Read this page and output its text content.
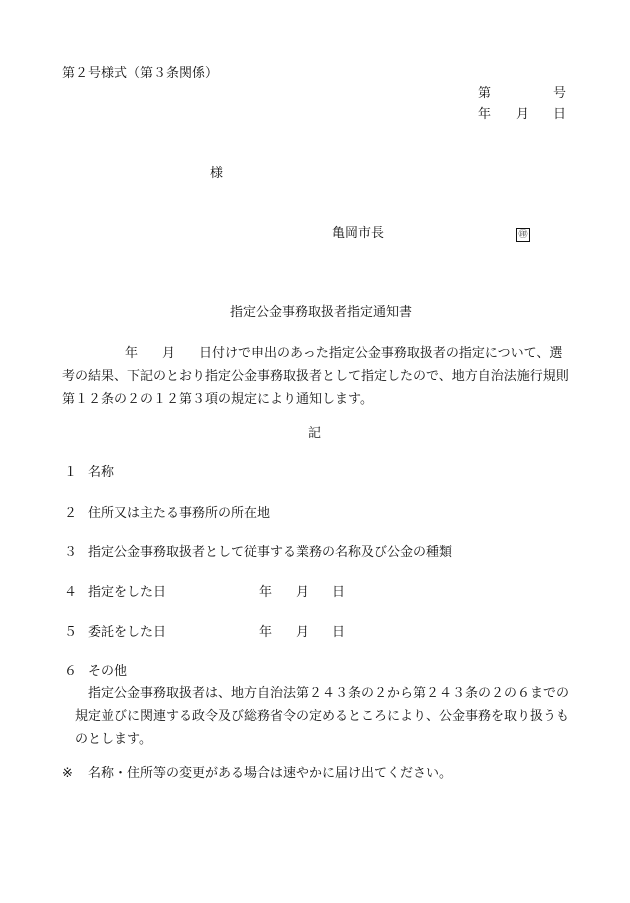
第２号様式（第３条関係）
第	号
年 月 日
様
亀岡市長	㊞
指定公金事務取扱者指定通知書
年 月	日付けで申出のあった指定公金事務取扱者の指定について、選考の結果、下記のとおり指定公金事務取扱者として指定したので、地方自治法施行規則第１２条の２の１２第３項の規定により通知します。
記
１ 名称
２ 住所又は主たる事務所の所在地
３ 指定公金事務取扱者として従事する業務の名称及び公金の種類
４ 指定をした日	年 月 日
５ 委託をした日	年 月 日
６ その他
指定公金事務取扱者は、地方自治法第２４３条の２から第２４３条の２の６までの規定並びに関連する政令及び総務省令の定めるところにより、公金事務を取り扱うものとします。
※ 名称・住所等の変更がある場合は速やかに届け出てください。
